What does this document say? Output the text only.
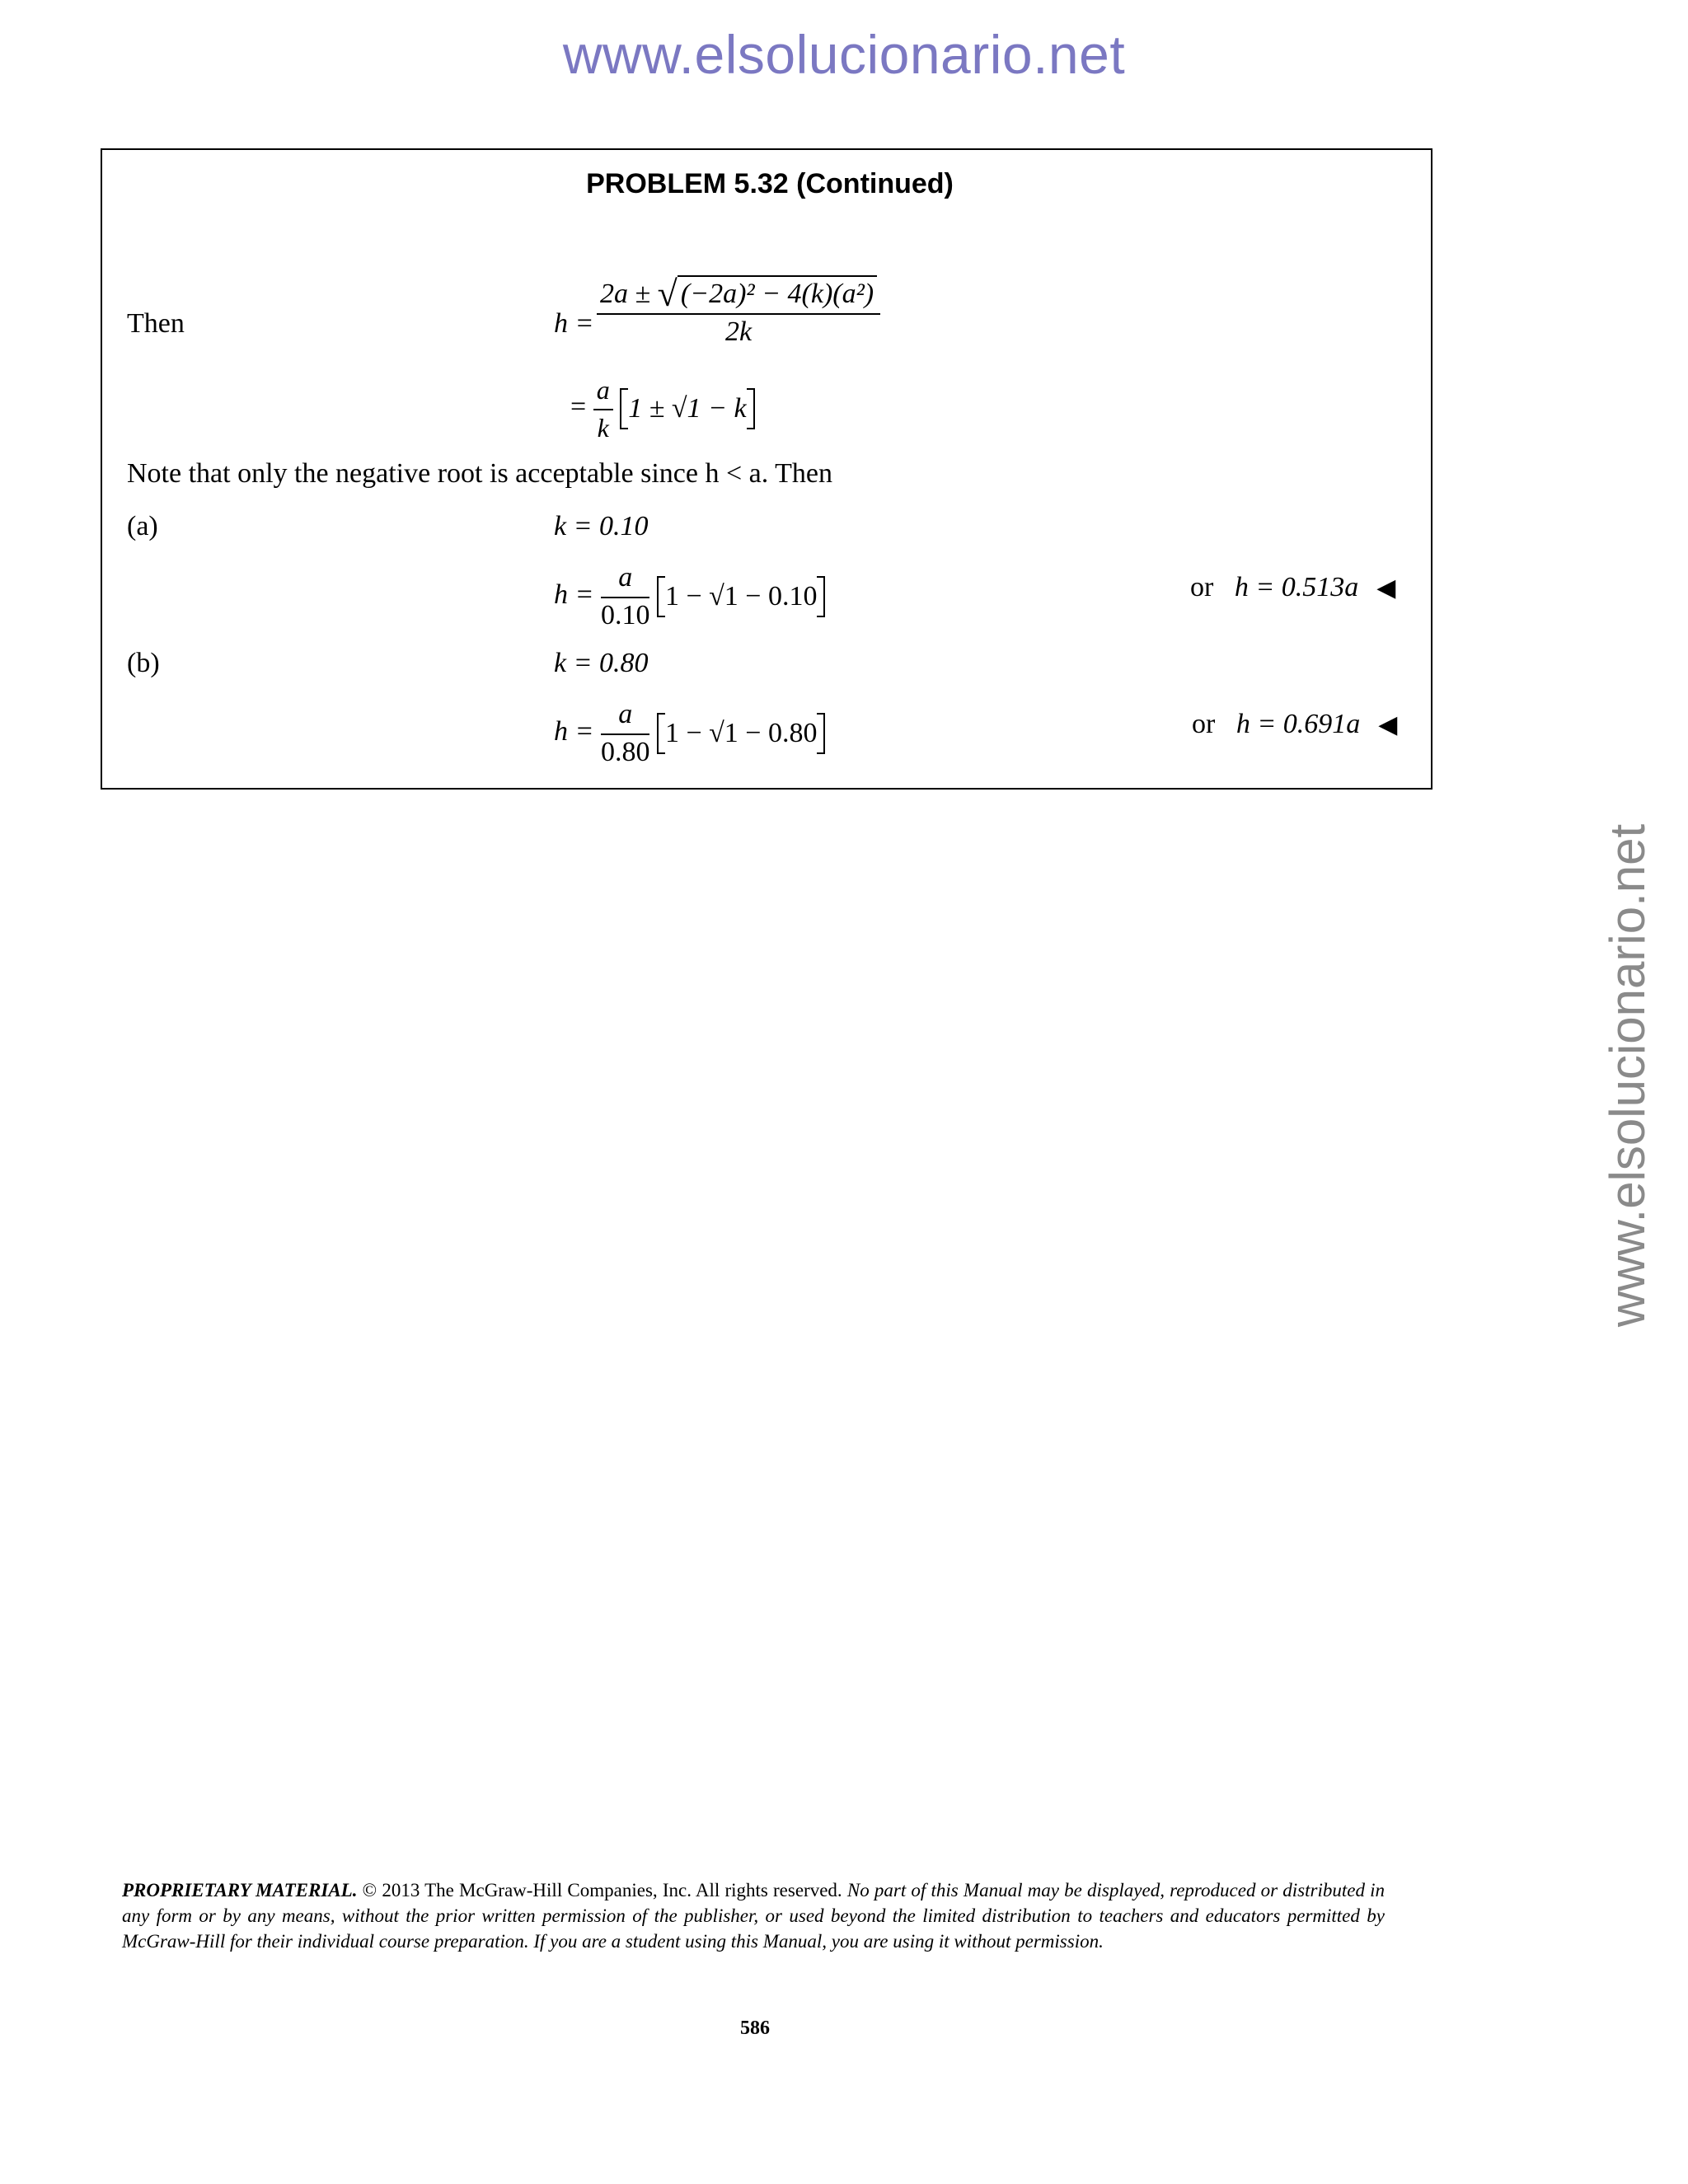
www.elsolucionario.net
www.elsolucionario.net
PROBLEM 5.32 (Continued)
Then	$h = \frac{\text{2a ± √ (−2a)² − 4(k)(a²)}}{2k}$
= $\frac{a}{k} 1 \pm √1 - k$
Note that only the negative root is acceptable since h < a. Then
(a)	k = 0.10
$h = \frac{a}{0.10} 1 - √1 - 0.10$	or h = 0.513a ◀
(b)	k = 0.80
$h = \frac{a}{0.80} 1 - √1 - 0.80$	or h = 0.691a ◀
PROPRIETARY MATERIAL. © 2013 The McGraw-Hill Companies, Inc. All rights reserved. No part of this Manual may be displayed, reproduced or distributed in any form or by any means, without the prior written permission of the publisher, or used beyond the limited distribution to teachers and educators permitted by McGraw-Hill for their individual course preparation. If you are a student using this Manual, you are using it without permission.
586
